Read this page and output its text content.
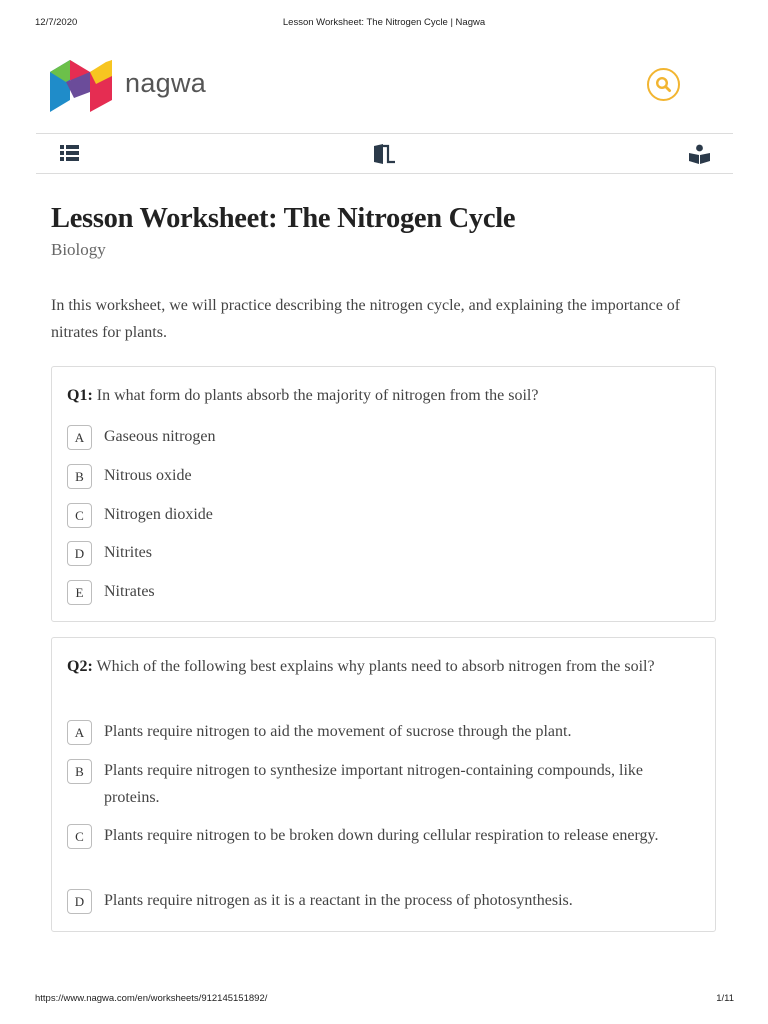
12/7/2020	Lesson Worksheet: The Nitrogen Cycle | Nagwa
nagwa
Lesson Worksheet: The Nitrogen Cycle
Biology
In this worksheet, we will practice describing the nitrogen cycle, and explaining the importance of nitrates for plants.
Q1: In what form do plants absorb the majority of nitrogen from the soil?
A	Gaseous nitrogen
B	Nitrous oxide
C	Nitrogen dioxide
D	Nitrites
E	Nitrates
Q2: Which of the following best explains why plants need to absorb nitrogen from the soil?
A	Plants require nitrogen to aid the movement of sucrose through the plant.
B	Plants require nitrogen to synthesize important nitrogen-containing compounds, like proteins.
C	Plants require nitrogen to be broken down during cellular respiration to release energy.
D	Plants require nitrogen as it is a reactant in the process of photosynthesis.
https://www.nagwa.com/en/worksheets/912145151892/	1/11
